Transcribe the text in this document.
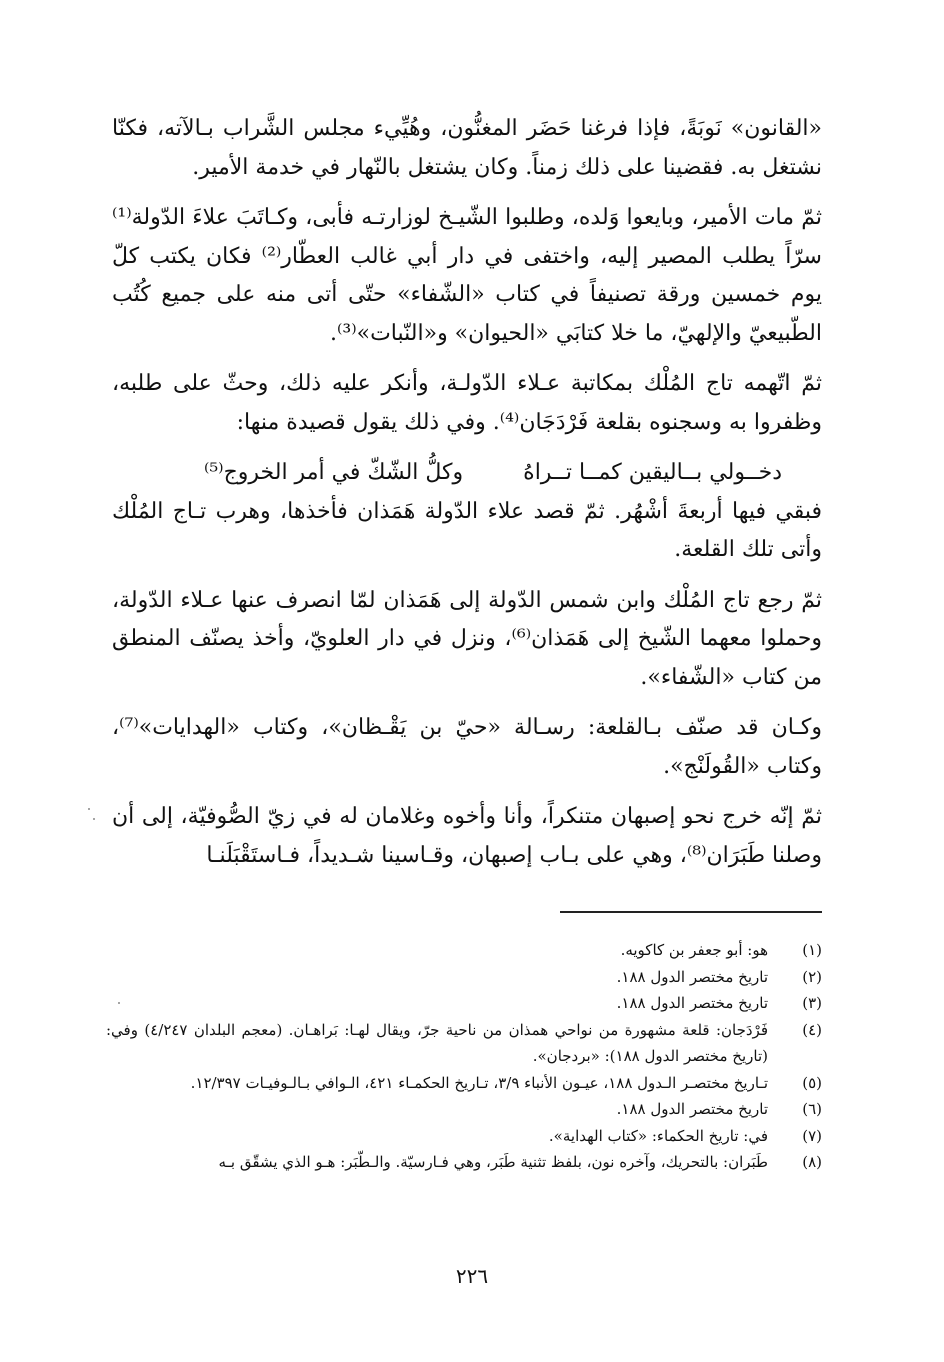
«القانون» نَوبَةً، فإذا فرغنا حَضَر المغنُّون، وهُيِّيء مجلس الشَّراب بـالآته، فكنّا نشتغل به. فقضينا على ذلك زمناً. وكان يشتغل بالنّهار في خدمة الأمير.

ثمّ مات الأمير، وبايعوا وَلده، وطلبوا الشّيـخ لوزارتـه فأبى، وكـاتَبَ علاءَ الدّولة⁽¹⁾ سرّاً يطلب المصير إليه، واختفى في دار أبي غالب العطّار⁽²⁾ فكان يكتب كلّ يوم خمسين ورقة تصنيفاً في كتاب «الشّفاء» حتّى أتى منه على جميع كُتُب الطّبيعيّ والإلهيّ، ما خلا كتابَي «الحيوان» و«النّبات»⁽³⁾.

ثمّ اتّهمه تاج المُلْك بمكاتبة عـلاء الدّولـة، وأنكر عليه ذلك، وحثّ على طلبه، وظفروا به وسجنوه بقلعة فَرْدَجَان⁽⁴⁾. وفي ذلك يقول قصيدة منها:

دخــولي بــاليقين كمــا تــراهُ
وكلُّ الشّكّ في أمر الخروج⁽⁵⁾

فبقي فيها أربعةَ أشْهُر. ثمّ قصد علاء الدّولة هَمَذان فأخذها، وهرب تـاج المُلْك وأتى تلك القلعة.

ثمّ رجع تاج المُلْك وابن شمس الدّولة إلى هَمَذان لمّا انصرف عنها عـلاء الدّولة، وحملوا معهما الشّيخ إلى هَمَذان⁽⁶⁾، ونزل في دار العلويّ، وأخذ يصنّف المنطق من كتاب «الشّفاء».

وكـان قد صنّف بـالقلعة: رسـالة «حيّ بن يَقْـظان»، وكتاب «الهدايات»⁽⁷⁾، وكتاب «القُولَنْج».

ثمّ إنّه خرج نحو إصبهان متنكراً، وأنا وأخوه وغلامان له في زيّ الصُّوفيّة، إلى أن وصلنا طَبَرَان⁽⁸⁾، وهي على بـاب إصبهان، وقـاسينا شـديداً، فـاستَقْبَلَنـا

(١)
هو: أبو جعفر بن كاكويه.
(٢)
تاريخ مختصر الدول ١٨٨.
(٣)
تاريخ مختصر الدول ١٨٨.
(٤)
فَرْدَجان: قلعة مشهورة من نواحي همذان من ناحية جرّ، ويقال لهـا: بَراهـان. (معجم البلدان ٤/٢٤٧) وفي: (تاريخ مختصر الدول ١٨٨): «بردجان».
(٥)
تـاريخ مختصـر الـدول ١٨٨، عيـون الأنباء ٣/٩، تـاريخ الحكمـاء ٤٢١، الـوافي بـالـوفيـات ١٢/٣٩٧.
(٦)
تاريخ مختصر الدول ١٨٨.
(٧)
في: تاريخ الحكماء: «كتاب الهداية».
(٨)
طَبَران: بالتحريك، وآخره نون، بلفظ تثنية طَبَر، وهي فـارسيّة. والـطّبَر: هـو الذي يشقّق بـه
٢٢٦
